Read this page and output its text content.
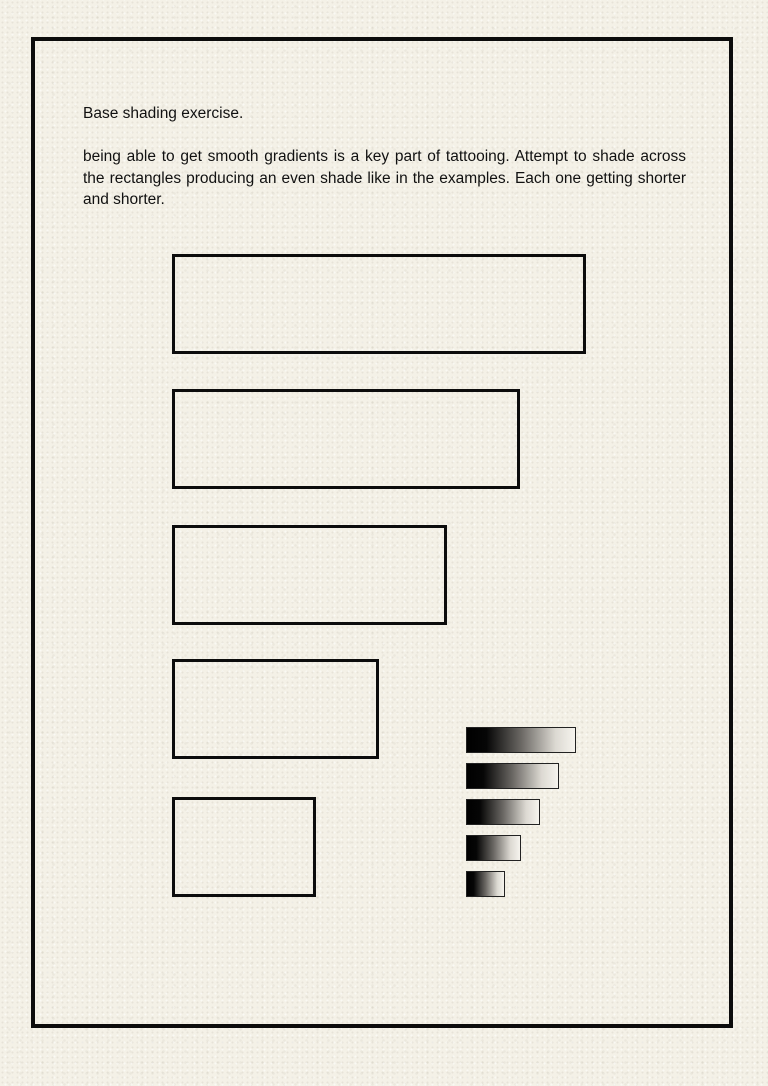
Base shading exercise.

being able to get smooth gradients is a key part of tattooing. Attempt to shade across the rectangles producing an even shade like in the examples. Each one getting shorter and shorter.
